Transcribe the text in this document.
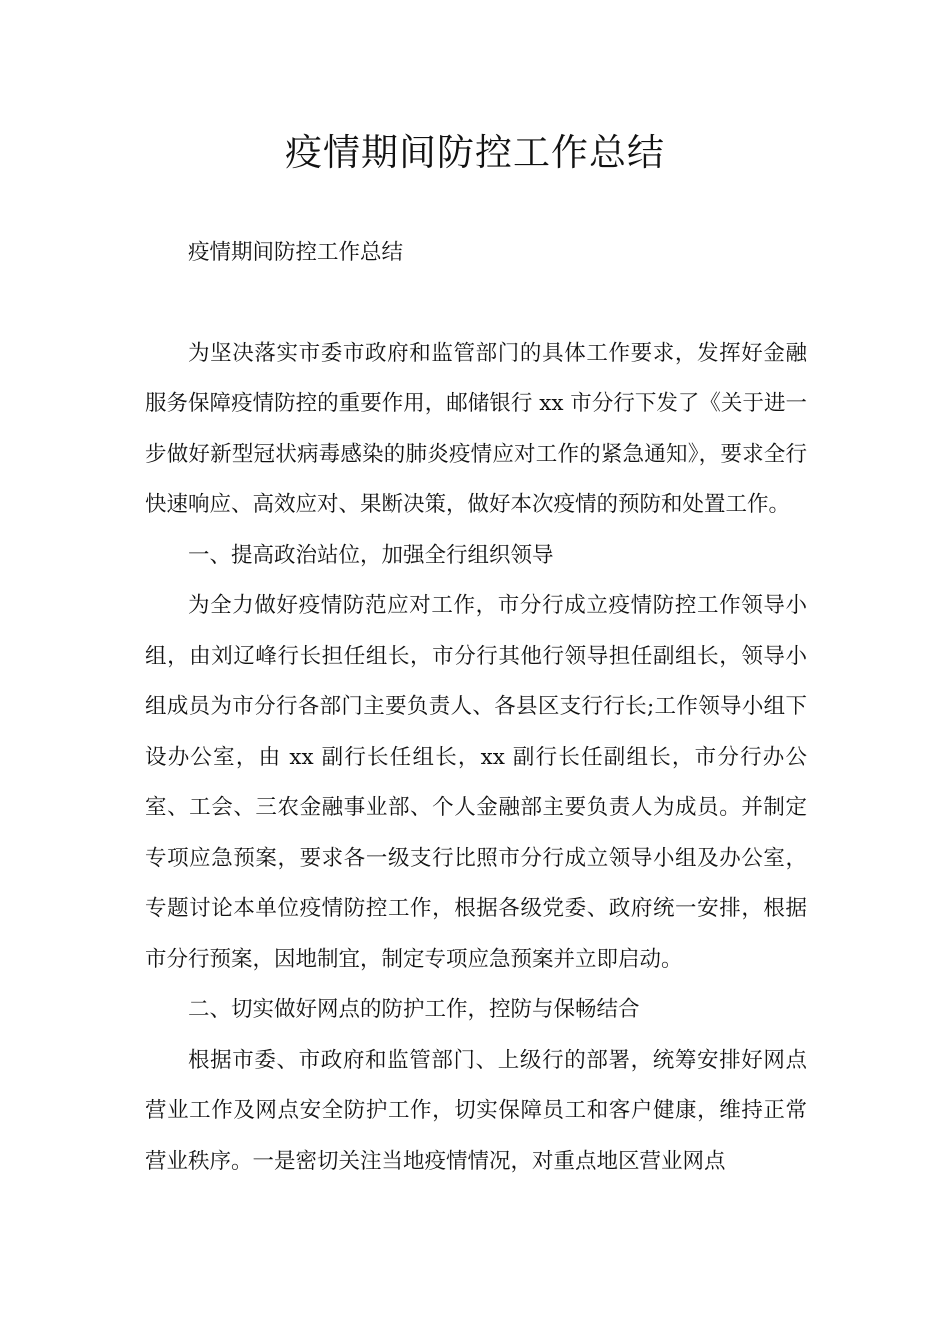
疫情期间防控工作总结

疫情期间防控工作总结

为坚决落实市委市政府和监管部门的具体工作要求，发挥好金融服务保障疫情防控的重要作用，邮储银行 xx 市分行下发了《关于进一步做好新型冠状病毒感染的肺炎疫情应对工作的紧急通知》，要求全行快速响应、高效应对、果断决策，做好本次疫情的预防和处置工作。

一、提高政治站位，加强全行组织领导

为全力做好疫情防范应对工作，市分行成立疫情防控工作领导小组，由刘辽峰行长担任组长，市分行其他行领导担任副组长，领导小组成员为市分行各部门主要负责人、各县区支行行长;工作领导小组下设办公室，由 xx 副行长任组长，xx 副行长任副组长，市分行办公室、工会、三农金融事业部、个人金融部主要负责人为成员。并制定专项应急预案，要求各一级支行比照市分行成立领导小组及办公室，专题讨论本单位疫情防控工作，根据各级党委、政府统一安排，根据市分行预案，因地制宜，制定专项应急预案并立即启动。

二、切实做好网点的防护工作，控防与保畅结合

根据市委、市政府和监管部门、上级行的部署，统筹安排好网点营业工作及网点安全防护工作，切实保障员工和客户健康，维持正常营业秩序。一是密切关注当地疫情情况，对重点地区营业网点
